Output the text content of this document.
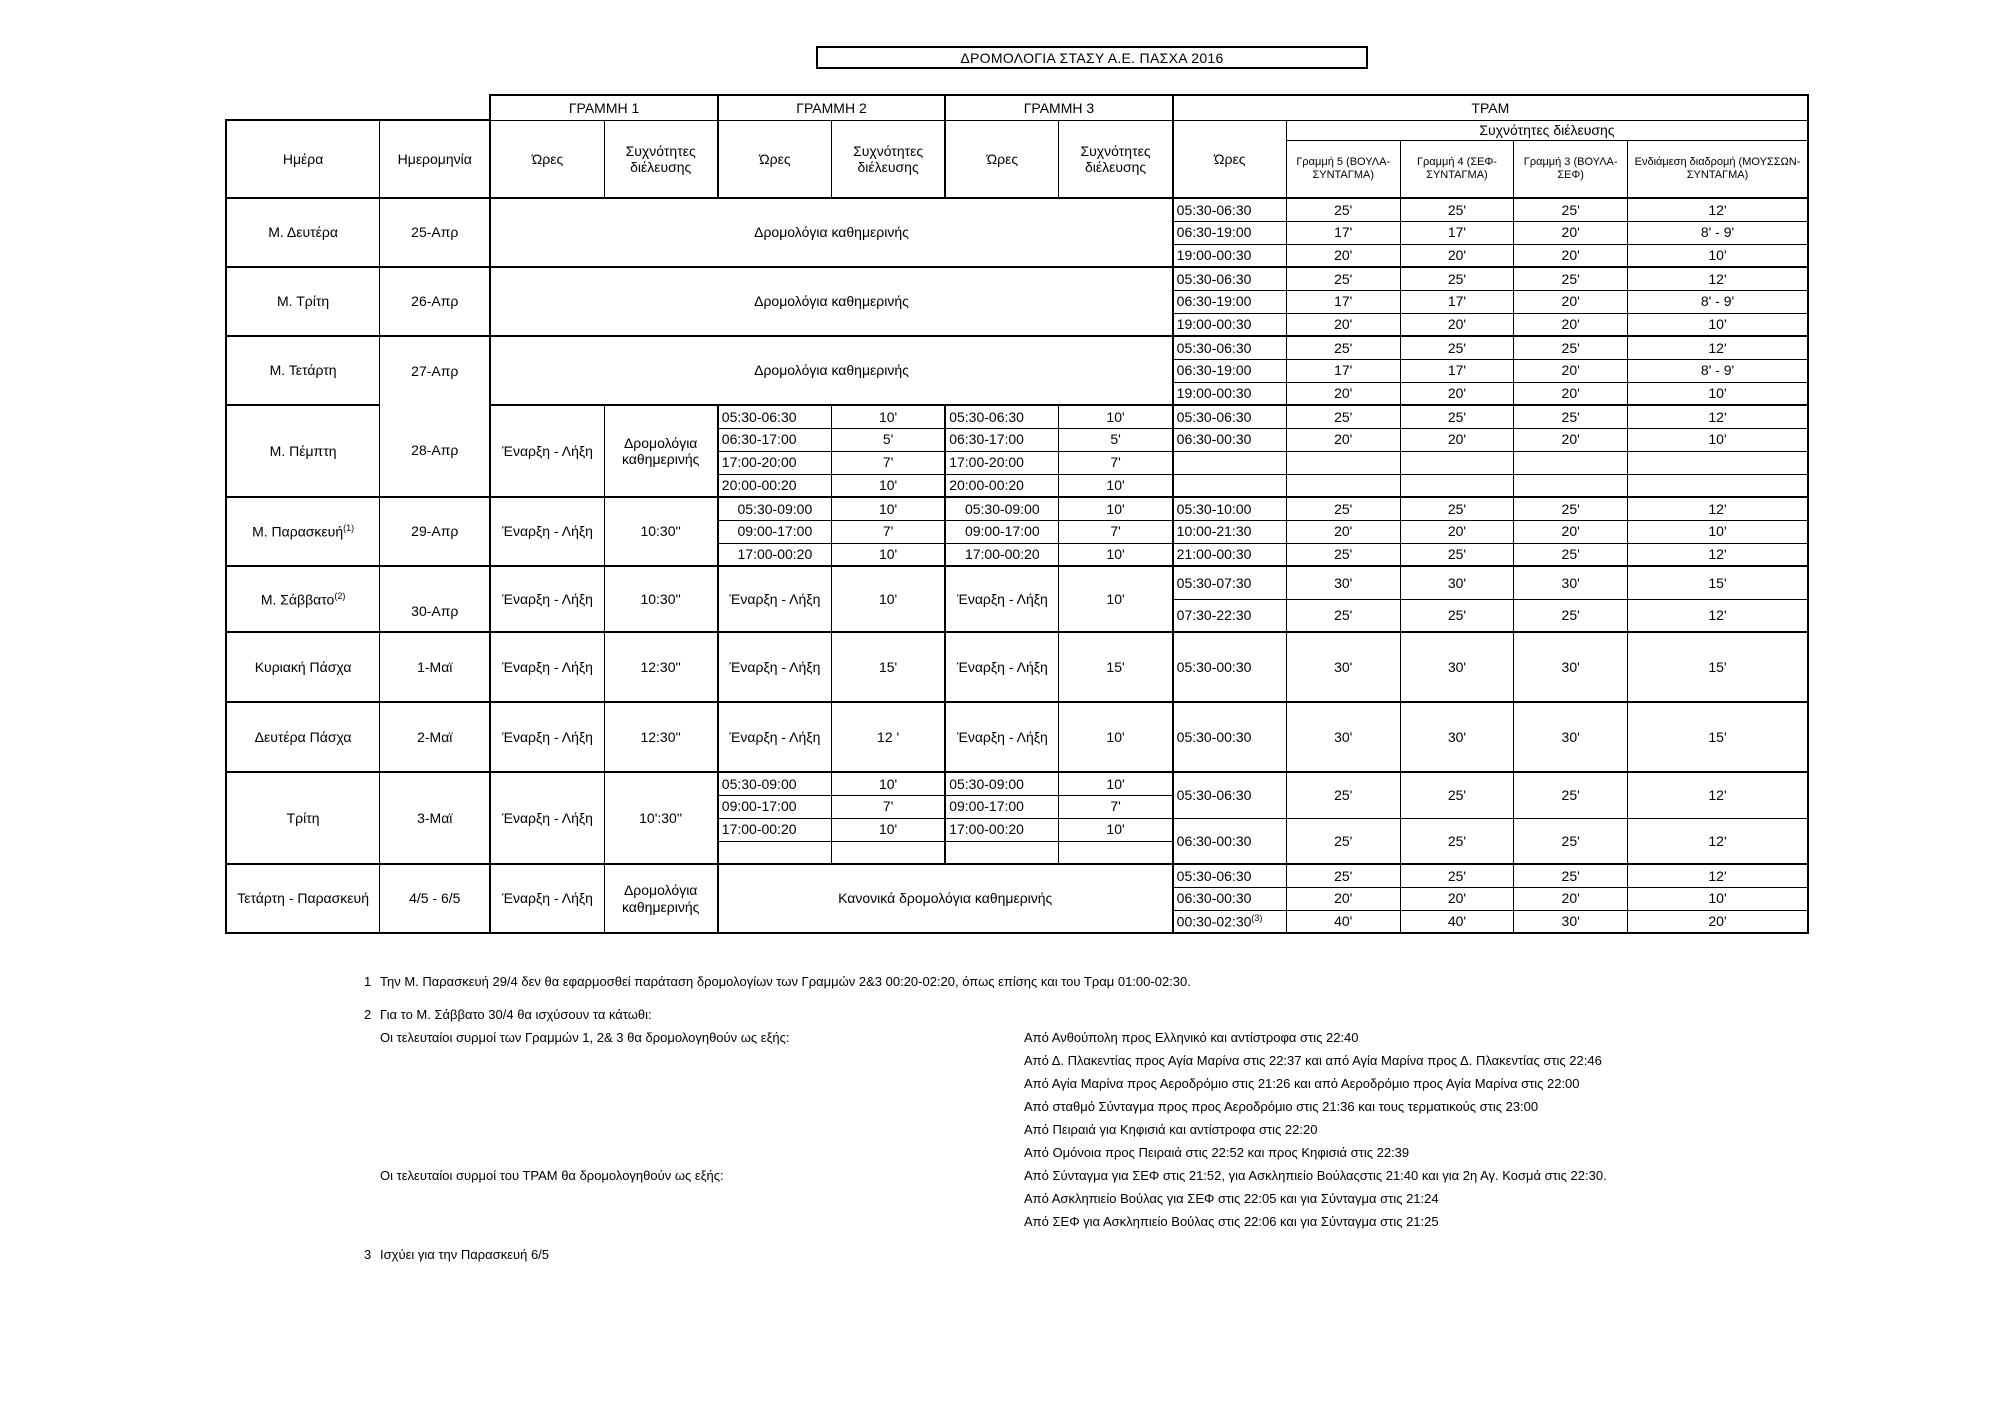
ΔΡΟΜΟΛΟΓΙΑ ΣΤΑΣΥ Α.Ε. ΠΑΣΧΑ 2016
		ΓΡΑΜΜΗ 1		ΓΡΑΜΜΗ 2		ΓΡΑΜΜΗ 3		ΤΡΑΜ				
Ημέρα	Ημερομηνία	Ώρες	Συχνότητες διέλευσης	Ώρες	Συχνότητες διέλευσης	Ώρες	Συχνότητες διέλευσης	Ώρες	Συχνότητες διέλευσης			
									Γραμμή 5 (ΒΟΥΛΑ-ΣΥΝΤΑΓΜΑ)	Γραμμή 4 (ΣΕΦ-ΣΥΝΤΑΓΜΑ)	Γραμμή 3 (ΒΟΥΛΑ-ΣΕΦ)	Ενδιάμεση διαδρομή (ΜΟΥΣΣΩΝ-ΣΥΝΤΑΓΜΑ)
Μ. Δευτέρα	25-Απρ	Δρομολόγια καθημερινής						05:30-06:30	25'	25'	25'	12'
								06:30-19:00	17'	17'	20'	8' - 9'
								19:00-00:30	20'	20'	20'	10'
Μ. Τρίτη	26-Απρ	Δρομολόγια καθημερινής						05:30-06:30	25'	25'	25'	12'
								06:30-19:00	17'	17'	20'	8' - 9'
								19:00-00:30	20'	20'	20'	10'
Μ. Τετάρτη	27-Απρ	Δρομολόγια καθημερινής						05:30-06:30	25'	25'	25'	12'
								06:30-19:00	17'	17'	20'	8' - 9'
								19:00-00:30	20'	20'	20'	10'
Μ. Πέμπτη	28-Απρ	Έναρξη - Λήξη	Δρομολόγια καθημερινής	05:30-06:30	10'	05:30-06:30	10'	05:30-06:30	25'	25'	25'	12'
				06:30-17:00	5'	06:30-17:00	5'	06:30-00:30	20'	20'	20'	10'
				17:00-20:00	7'	17:00-20:00	7'					
				20:00-00:20	10'	20:00-00:20	10'					
Μ. Παρασκευή$^{(1)}$	29-Απρ	Έναρξη - Λήξη	10:30''	05:30-09:00	10'	05:30-09:00	10'	05:30-10:00	25'	25'	25'	12'
				09:00-17:00	7'	09:00-17:00	7'	10:00-21:30	20'	20'	20'	10'
				17:00-00:20	10'	17:00-00:20	10'	21:00-00:30	25'	25'	25'	12'
Μ. Σάββατο$^{(2)}$	30-Απρ	Έναρξη - Λήξη	10:30''	Έναρξη - Λήξη	10'	Έναρξη - Λήξη	10'	05:30-07:30	30'	30'	30'	15'
								07:30-22:30	25'	25'	25'	12'
Κυριακή Πάσχα	1-Μαϊ	Έναρξη - Λήξη	12:30''	Έναρξη - Λήξη	15'	Έναρξη - Λήξη	15'	05:30-00:30	30'	30'	30'	15'
Δευτέρα Πάσχα	2-Μαϊ	Έναρξη - Λήξη	12:30''	Έναρξη - Λήξη	12 '	Έναρξη - Λήξη	10'	05:30-00:30	30'	30'	30'	15'
Τρίτη	3-Μαϊ	Έναρξη - Λήξη	10':30''	05:30-09:00	10'	05:30-09:00	10'	05:30-06:30	25'	25'	25'	12'
				09:00-17:00	7'	09:00-17:00	7'					
				17:00-00:20	10'	17:00-00:20	10'	06:30-00:30	25'	25'	25'	12'

Τετάρτη - Παρασκευή	4/5 - 6/5	Έναρξη - Λήξη	Δρομολόγια καθημερινής	Κανονικά δρομολόγια καθημερινής				05:30-06:30	25'	25'	25'	12'
								06:30-00:30	20'	20'	20'	10'
								00:30-02:30$^{(3)}$	40'	40'	30'	20'
1 Την Μ. Παρασκευή 29/4 δεν θα εφαρμοσθεί παράταση δρομολογίων των Γραμμών 2&3 00:20-02:20, όπως επίσης και του Τραμ 01:00-02:30.
2 Για το Μ. Σάββατο 30/4 θα ισχύσουν τα κάτωθι:
Οι τελευταίοι συρμοί των Γραμμών 1, 2& 3 θα δρομολογηθούν ως εξής:	Από Ανθούπολη προς Ελληνικό και αντίστροφα στις 22:40
Από Δ. Πλακεντίας προς Αγία Μαρίνα στις 22:37 και από Αγία Μαρίνα προς Δ. Πλακεντίας στις 22:46
Από Αγία Μαρίνα προς Αεροδρόμιο στις 21:26 και από Αεροδρόμιο προς Αγία Μαρίνα στις 22:00
Από σταθμό Σύνταγμα προς προς Αεροδρόμιο στις 21:36 και τους τερματικούς στις 23:00
Από Πειραιά για Κηφισιά και αντίστροφα στις 22:20
Από Ομόνοια προς Πειραιά στις 22:52 και προς Κηφισιά στις 22:39
Οι τελευταίοι συρμοί του ΤΡΑΜ θα δρομολογηθούν ως εξής:	Από Σύνταγμα για ΣΕΦ στις 21:52, για Ασκληπιείο Βούλαςστις 21:40 και για 2η Αγ. Κοσμά στις 22:30.
Από Ασκληπιείο Βούλας για ΣΕΦ στις 22:05 και για Σύνταγμα στις 21:24
Από ΣΕΦ για Ασκληπιείο Βούλας στις 22:06 και για Σύνταγμα στις 21:25
3 Ισχύει για την Παρασκευή 6/5
